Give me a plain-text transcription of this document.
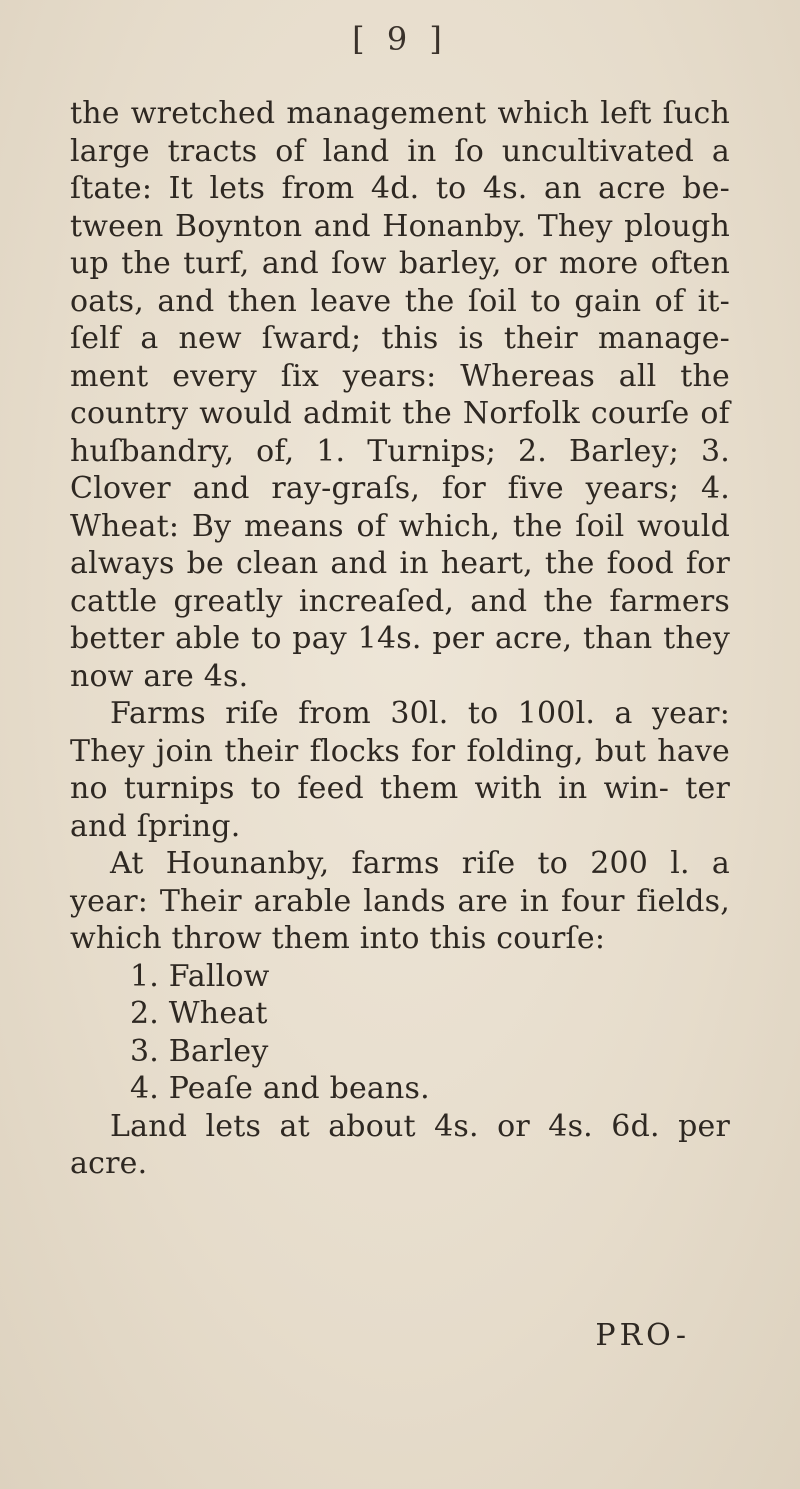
[ 9 ]

the wretched management which left ſuch large tracts of land in ſo uncultivated a ſtate: It lets from 4d. to 4s. an acre be- tween Boynton and Honanby. They plough up the turf, and ſow barley, or more often oats, and then leave the ſoil to gain of it- ſelf a new ſward; this is their manage- ment every ſix years: Whereas all the country would admit the Norfolk courſe of huſbandry, of, 1. Turnips; 2. Barley; 3. Clover and ray-graſs, for five years; 4. Wheat: By means of which, the ſoil would always be clean and in heart, the food for cattle greatly increaſed, and the farmers better able to pay 14s. per acre, than they now are 4s.

Farms riſe from 30l. to 100l. a year: They join their flocks for folding, but have no turnips to feed them with in win- ter and ſpring.

At Hounanby, farms riſe to 200 l. a year: Their arable lands are in four fields, which throw them into this courſe:

1. Fallow
2. Wheat
3. Barley
4. Peaſe and beans.

Land lets at about 4s. or 4s. 6d. per acre.

PRO-
